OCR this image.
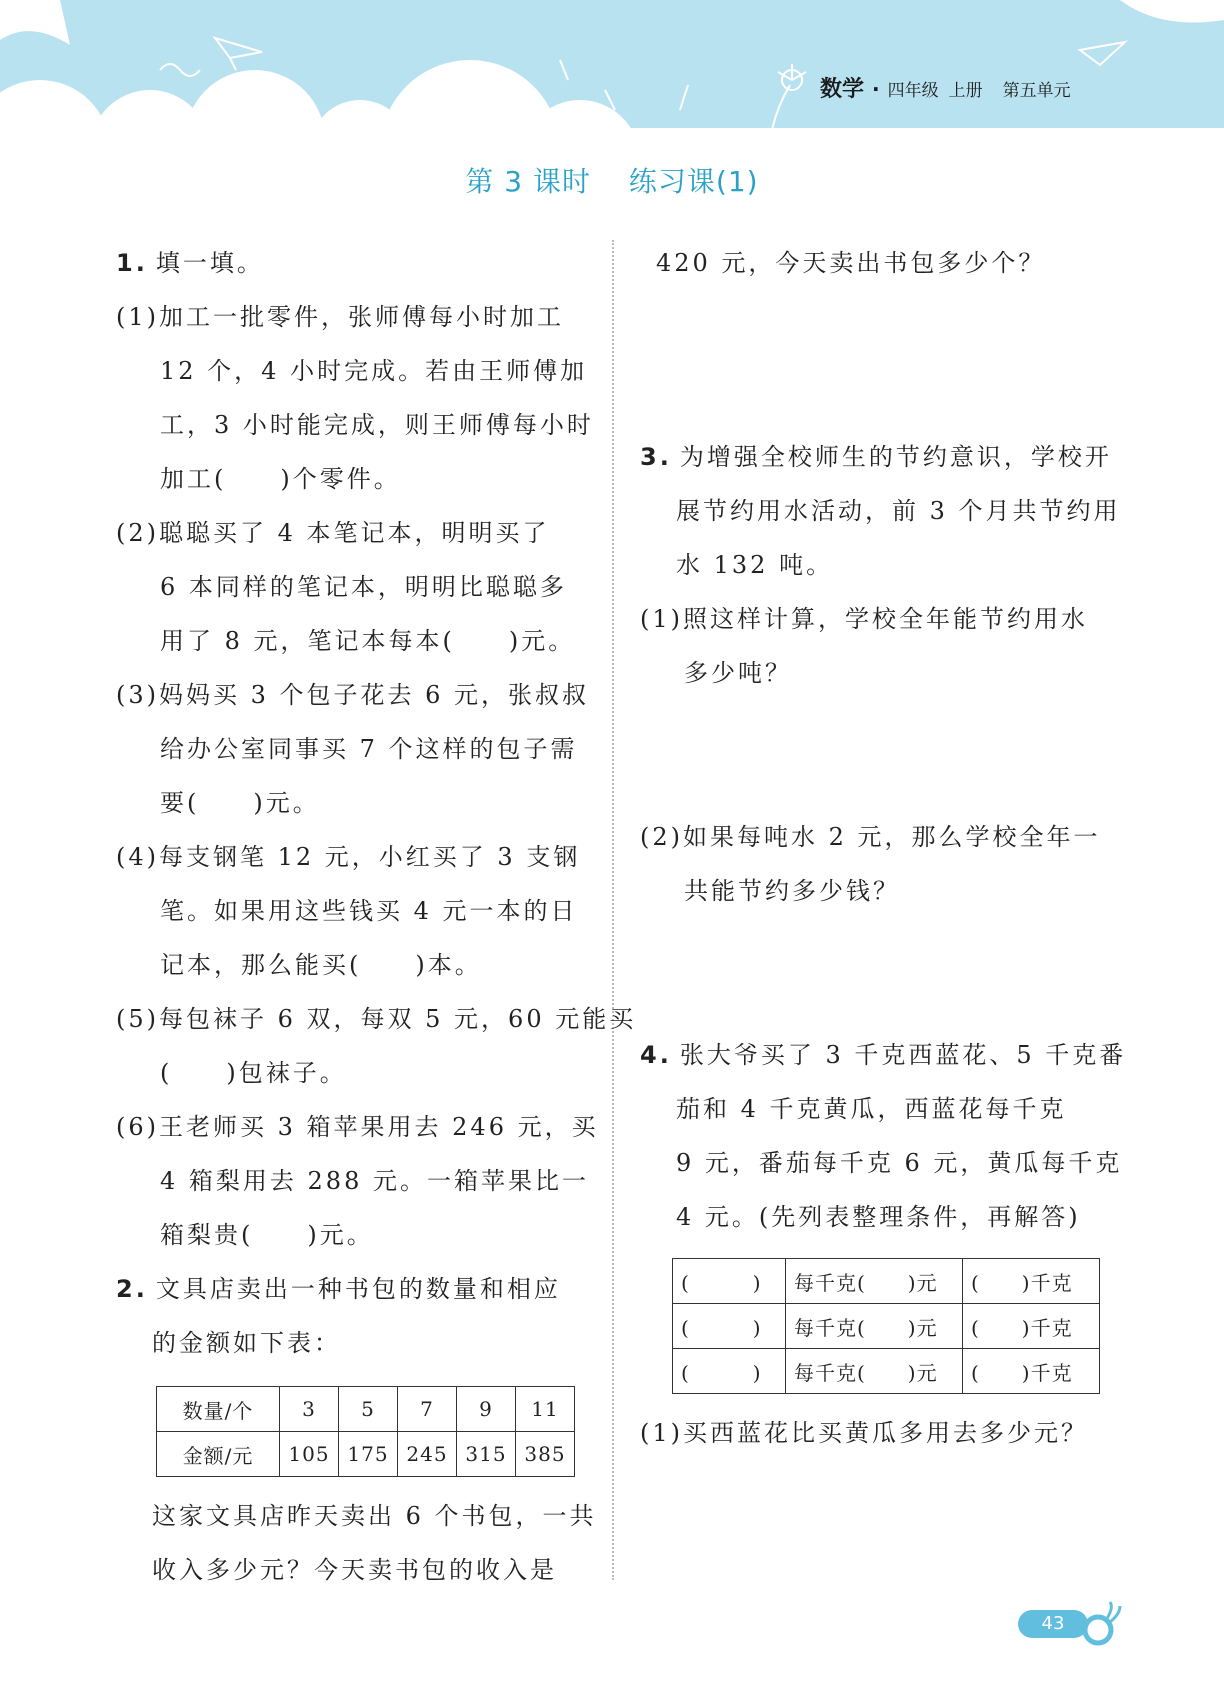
数学 · 四年级 上册 第五单元
第 3 课时 练习课(1)
1. 填一填。
(1)加工一批零件，张师傅每小时加工
12 个，4 小时完成。若由王师傅加
工，3 小时能完成，则王师傅每小时
加工(　　)个零件。
(2)聪聪买了 4 本笔记本，明明买了
6 本同样的笔记本，明明比聪聪多
用了 8 元，笔记本每本(　　)元。
(3)妈妈买 3 个包子花去 6 元，张叔叔
给办公室同事买 7 个这样的包子需
要(　　)元。
(4)每支钢笔 12 元，小红买了 3 支钢
笔。如果用这些钱买 4 元一本的日
记本，那么能买(　　)本。
(5)每包袜子 6 双，每双 5 元，60 元能买
(　　)包袜子。
(6)王老师买 3 箱苹果用去 246 元，买
4 箱梨用去 288 元。一箱苹果比一
箱梨贵(　　)元。
2. 文具店卖出一种书包的数量和相应
的金额如下表：
数量/个	3	5	7	9	11
金额/元	105	175	245	315	385
这家文具店昨天卖出 6 个书包，一共
收入多少元？今天卖书包的收入是
420 元，今天卖出书包多少个？
3. 为增强全校师生的节约意识，学校开
展节约用水活动，前 3 个月共节约用
水 132 吨。
(1)照这样计算，学校全年能节约用水
多少吨？
(2)如果每吨水 2 元，那么学校全年一
共能节约多少钱？
4. 张大爷买了 3 千克西蓝花、5 千克番
茄和 4 千克黄瓜，西蓝花每千克
9 元，番茄每千克 6 元，黄瓜每千克
4 元。(先列表整理条件，再解答)
(　　　)	每千克(　　)元	(　　)千克
(　　　)	每千克(　　)元	(　　)千克
(　　　)	每千克(　　)元	(　　)千克
(1)买西蓝花比买黄瓜多用去多少元？
43
